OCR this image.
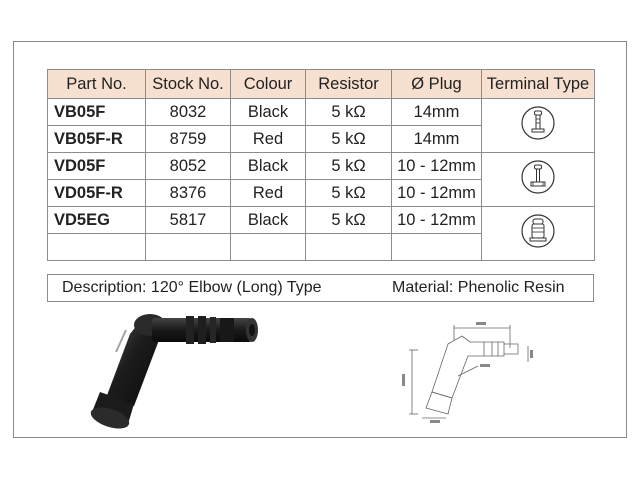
Part No.	Stock No.	Colour	Resistor	Ø Plug	Terminal Type
VB05F	8032	Black	5 kΩ	14mm	
VB05F-R	8759	Red	5 kΩ	14mm	
VD05F	8052	Black	5 kΩ	10 - 12mm	
VD05F-R	8376	Red	5 kΩ	10 - 12mm	
VD5EG	5817	Black	5 kΩ	10 - 12mm	

Description: 120° Elbow (Long) Type	Material: Phenolic Resin
